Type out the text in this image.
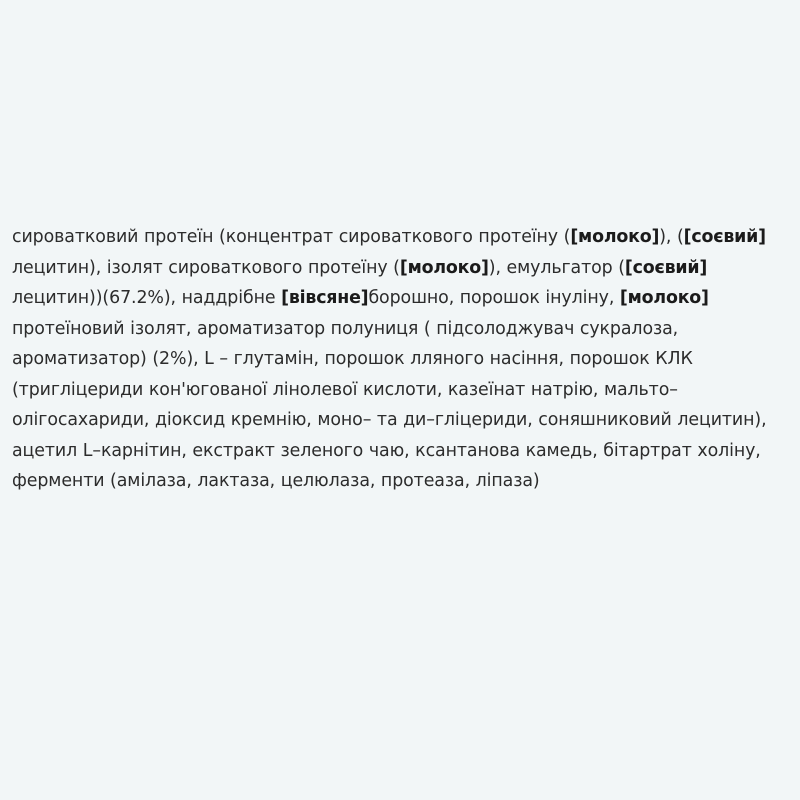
сироватковий протеїн (концентрат сироваткового протеїну ([молоко]), ([соєвий] лецитин), ізолят сироваткового протеїну ([молоко]), емульгатор ([соєвий] лецитин))(67.2%), наддрібне [вівсяне]борошно, порошок інуліну, [молоко] протеїновий ізолят, ароматизатор полуниця ( підсолоджувач сукралоза, ароматизатор) (2%), L – глутамін, порошок лляного насіння, порошок КЛК (тригліцериди кон'югованої лінолевої кислоти, казеїнат натрію, мальто–олігосахариди, діоксид кремнію, моно– та ди–гліцериди, соняшниковий лецитин), ацетил L–карнітин, екстракт зеленого чаю, ксантанова камедь, бітартрат холіну, ферменти (амілаза, лактаза, целюлаза, протеаза, ліпаза)
